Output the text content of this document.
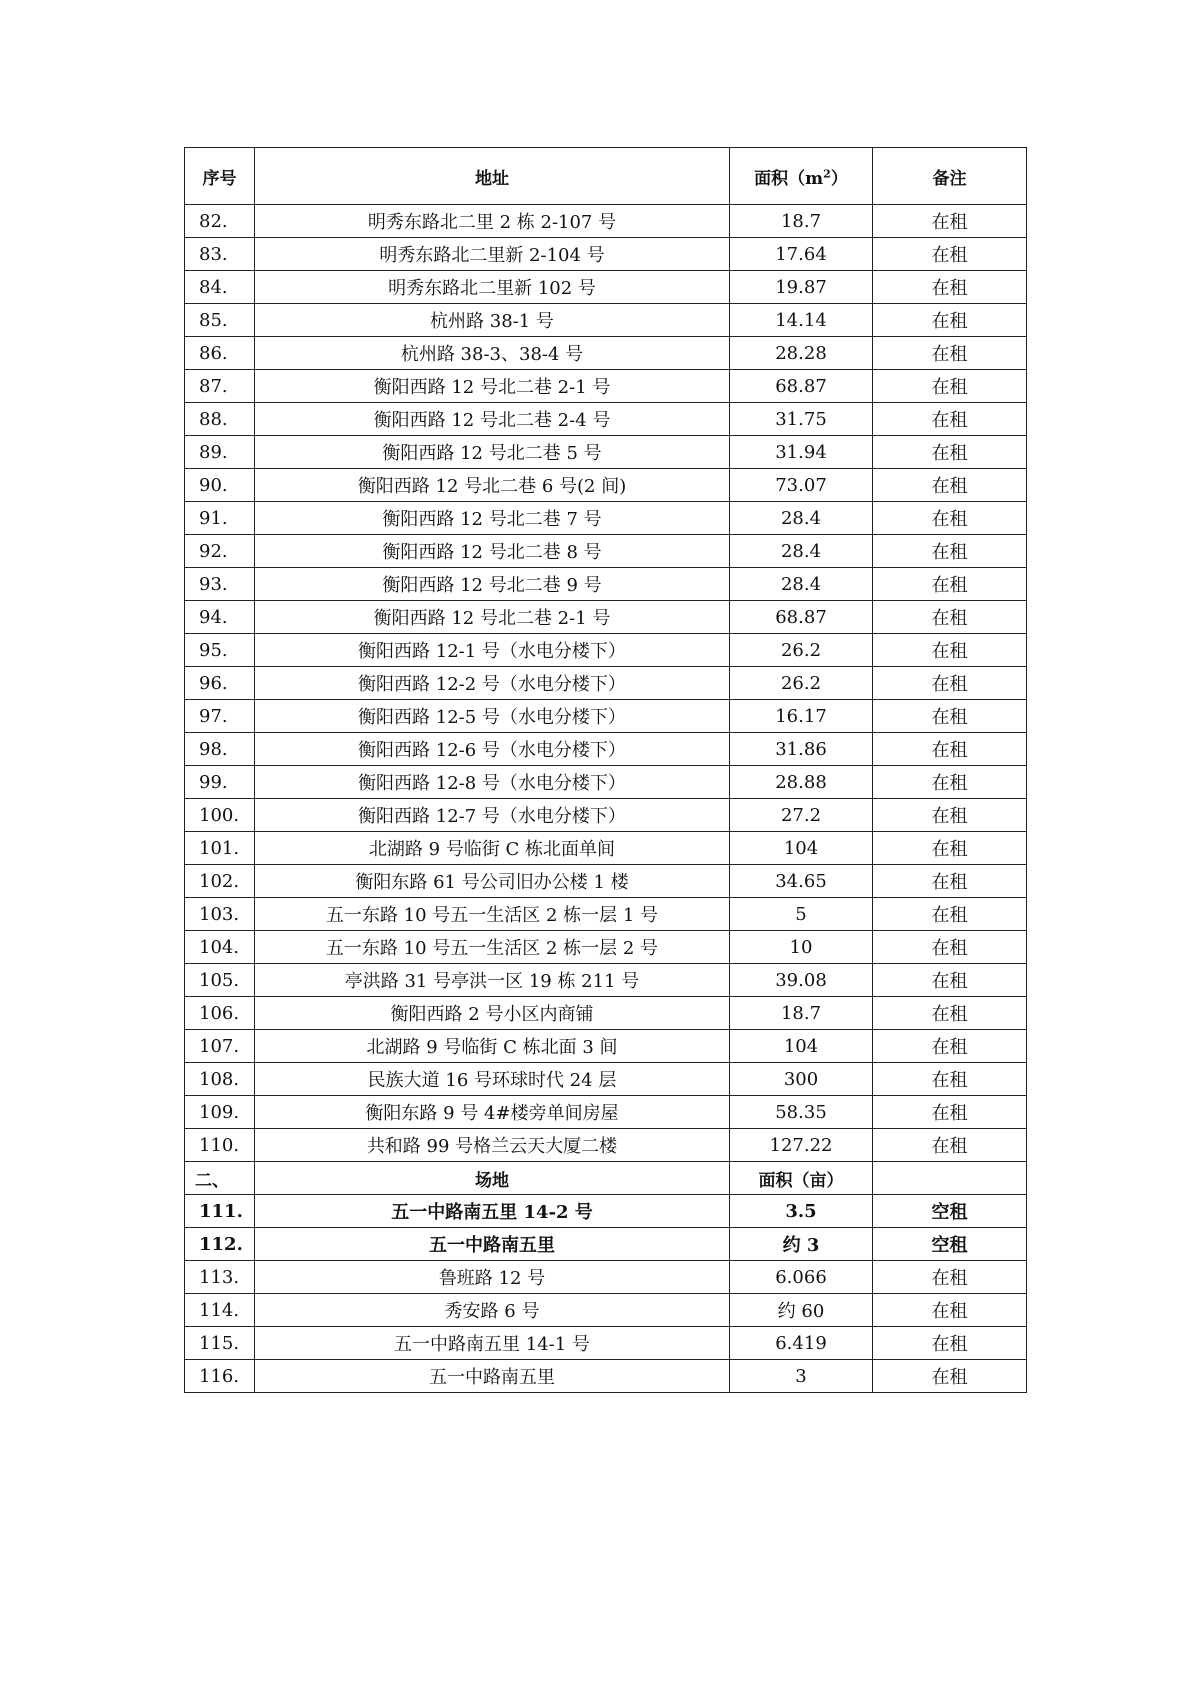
序号	地址	面积$(m^2)$	备注
82.	明秀东路北二里 2 栋 2-107 号	18.7	在租
83.	明秀东路北二里新 2-104 号	17.64	在租
84.	明秀东路北二里新 102 号	19.87	在租
85.	杭州路 38-1 号	14.14	在租
86.	杭州路 38-3、38-4 号	28.28	在租
87.	衡阳西路 12 号北二巷 2-1 号	68.87	在租
88.	衡阳西路 12 号北二巷 2-4 号	31.75	在租
89.	衡阳西路 12 号北二巷 5 号	31.94	在租
90.	衡阳西路 12 号北二巷 6 号(2 间)	73.07	在租
91.	衡阳西路 12 号北二巷 7 号	28.4	在租
92.	衡阳西路 12 号北二巷 8 号	28.4	在租
93.	衡阳西路 12 号北二巷 9 号	28.4	在租
94.	衡阳西路 12 号北二巷 2-1 号	68.87	在租
95.	衡阳西路 12-1 号（水电分楼下）	26.2	在租
96.	衡阳西路 12-2 号（水电分楼下）	26.2	在租
97.	衡阳西路 12-5 号（水电分楼下）	16.17	在租
98.	衡阳西路 12-6 号（水电分楼下）	31.86	在租
99.	衡阳西路 12-8 号（水电分楼下）	28.88	在租
100.	衡阳西路 12-7 号（水电分楼下）	27.2	在租
101.	北湖路 9 号临街 C 栋北面单间	104	在租
102.	衡阳东路 61 号公司旧办公楼 1 楼	34.65	在租
103.	五一东路 10 号五一生活区 2 栋一层 1 号	5	在租
104.	五一东路 10 号五一生活区 2 栋一层 2 号	10	在租
105.	亭洪路 31 号亭洪一区 19 栋 211 号	39.08	在租
106.	衡阳西路 2 号小区内商铺	18.7	在租
107.	北湖路 9 号临街 C 栋北面 3 间	104	在租
108.	民族大道 16 号环球时代 24 层	300	在租
109.	衡阳东路 9 号 4#楼旁单间房屋	58.35	在租
110.	共和路 99 号格兰云天大厦二楼	127.22	在租
二、	场地	面积（亩）	
111.	五一中路南五里 14-2 号	3.5	空租
112.	五一中路南五里	约 3	空租
113.	鲁班路 12 号	6.066	在租
114.	秀安路 6 号	约 60	在租
115.	五一中路南五里 14-1 号	6.419	在租
116.	五一中路南五里	3	在租
